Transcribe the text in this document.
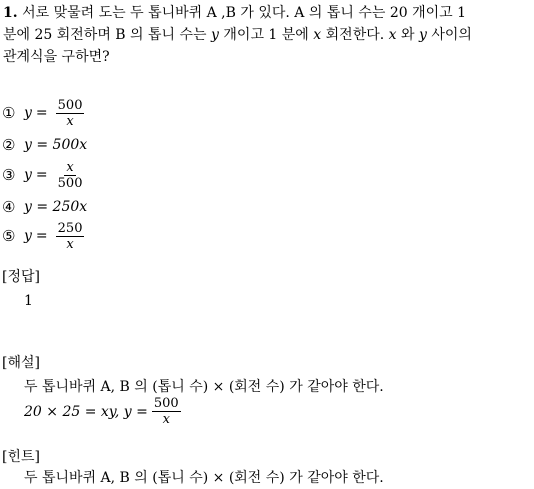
1. 서로 맞물려 도는 두 톱니바퀴 A ,B 가 있다. A 의 톱니 수는 20 개이고 1
분에 25 회전하며 B 의 톱니 수는 y 개이고 1 분에 x 회전한다. x 와 y 사이의
관계식을 구하면?
① $y = \frac{500}{x}$
② y = 500x
③ $y = \frac{x}{500}$
④ y = 250x
⑤ $y = \frac{250}{x}$
[정답]
1
[해설]
두 톱니바퀴 A, B 의 (톱니 수) × (회전 수) 가 같아야 한다.
20 × 25 = xy, $y = \frac{500}{x}$
[힌트]
두 톱니바퀴 A, B 의 (톱니 수) × (회전 수) 가 같아야 한다.
